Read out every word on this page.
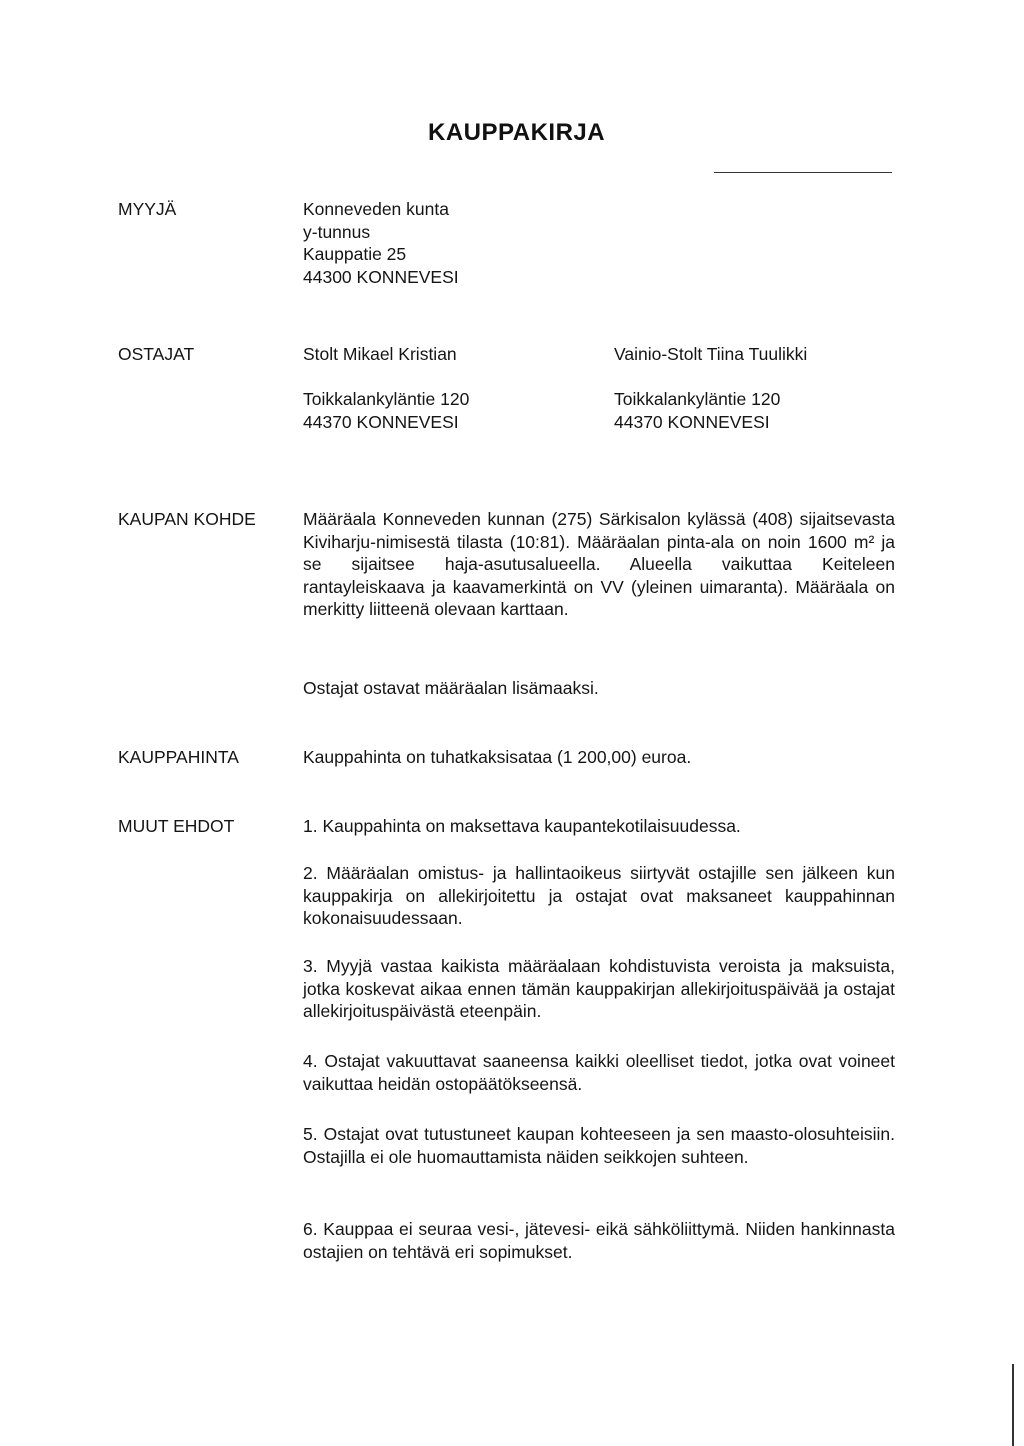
KAUPPAKIRJA
MYYJÄ	Konneveden kunta
y-tunnus
Kauppatie 25
44300 KONNEVESI
OSTAJAT	Stolt Mikael Kristian
Toikkalankyläntie 120
44370 KONNEVESI
Vainio-Stolt Tiina Tuulikki
Toikkalankyläntie 120
44370 KONNEVESI
KAUPAN KOHDE	Määräala Konneveden kunnan (275) Särkisalon kylässä (408) sijaitsevasta Kiviharju-nimisestä tilasta (10:81). Määräalan pinta-ala on noin 1600 m² ja se sijaitsee haja-asutusalueella. Alueella vaikuttaa Keiteleen rantayleiskaava ja kaavamerkintä on VV (yleinen uimaranta). Määräala on merkitty liitteenä olevaan karttaan.
Ostajat ostavat määräalan lisämaaksi.
KAUPPAHINTA	Kauppahinta on tuhatkaksisataa (1 200,00) euroa.
MUUT EHDOT	1. Kauppahinta on maksettava kaupantekotilaisuudessa.
2. Määräalan omistus- ja hallintaoikeus siirtyvät ostajille sen jälkeen kun kauppakirja on allekirjoitettu ja ostajat ovat maksaneet kauppahinnan kokonaisuudessaan.
3. Myyjä vastaa kaikista määräalaan kohdistuvista veroista ja maksuista, jotka koskevat aikaa ennen tämän kauppakirjan allekirjoituspäivää ja ostajat allekirjoituspäivästä eteenpäin.
4. Ostajat vakuuttavat saaneensa kaikki oleelliset tiedot, jotka ovat voineet vaikuttaa heidän ostopäätökseensä.
5. Ostajat ovat tutustuneet kaupan kohteeseen ja sen maasto-olosuhteisiin. Ostajilla ei ole huomauttamista näiden seikkojen suhteen.
6. Kauppaa ei seuraa vesi-, jätevesi- eikä sähköliittymä. Niiden hankinnasta ostajien on tehtävä eri sopimukset.
